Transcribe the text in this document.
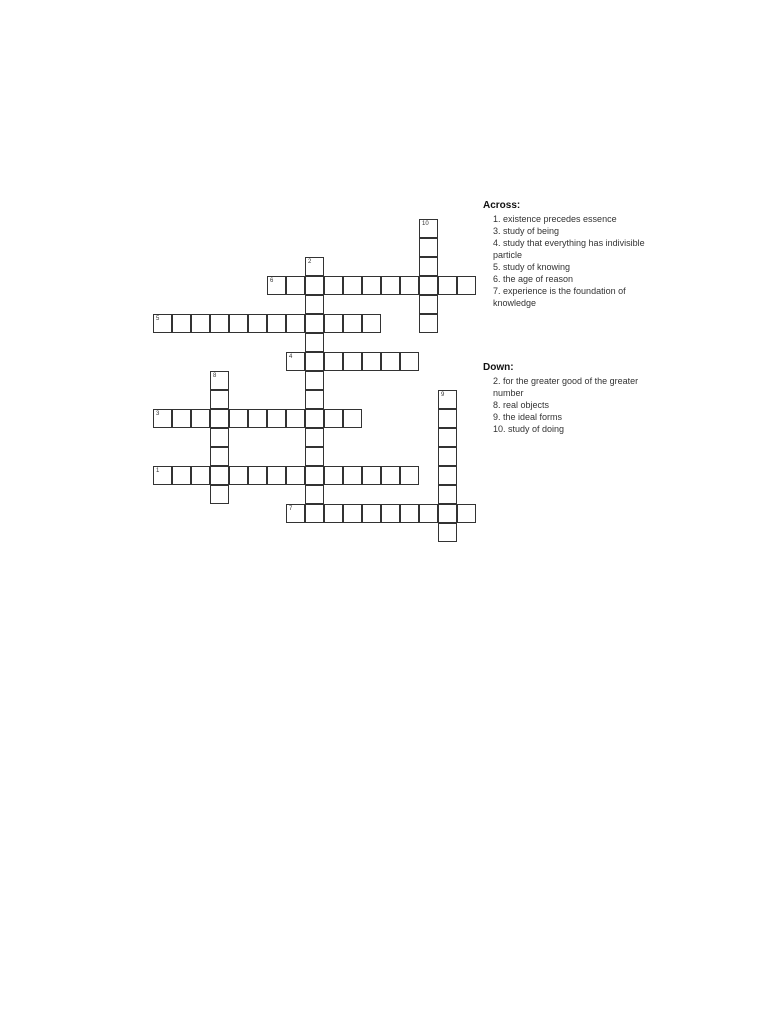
1
3
4
5
6
7
2
8
9
10
Across:
1. existence precedes essence
3. study of being
4. study that everything has indivisible particle
5. study of knowing
6. the age of reason
7. experience is the foundation of knowledge
Down:
2. for the greater good of the greater number
8. real objects
9. the ideal forms
10. study of doing
